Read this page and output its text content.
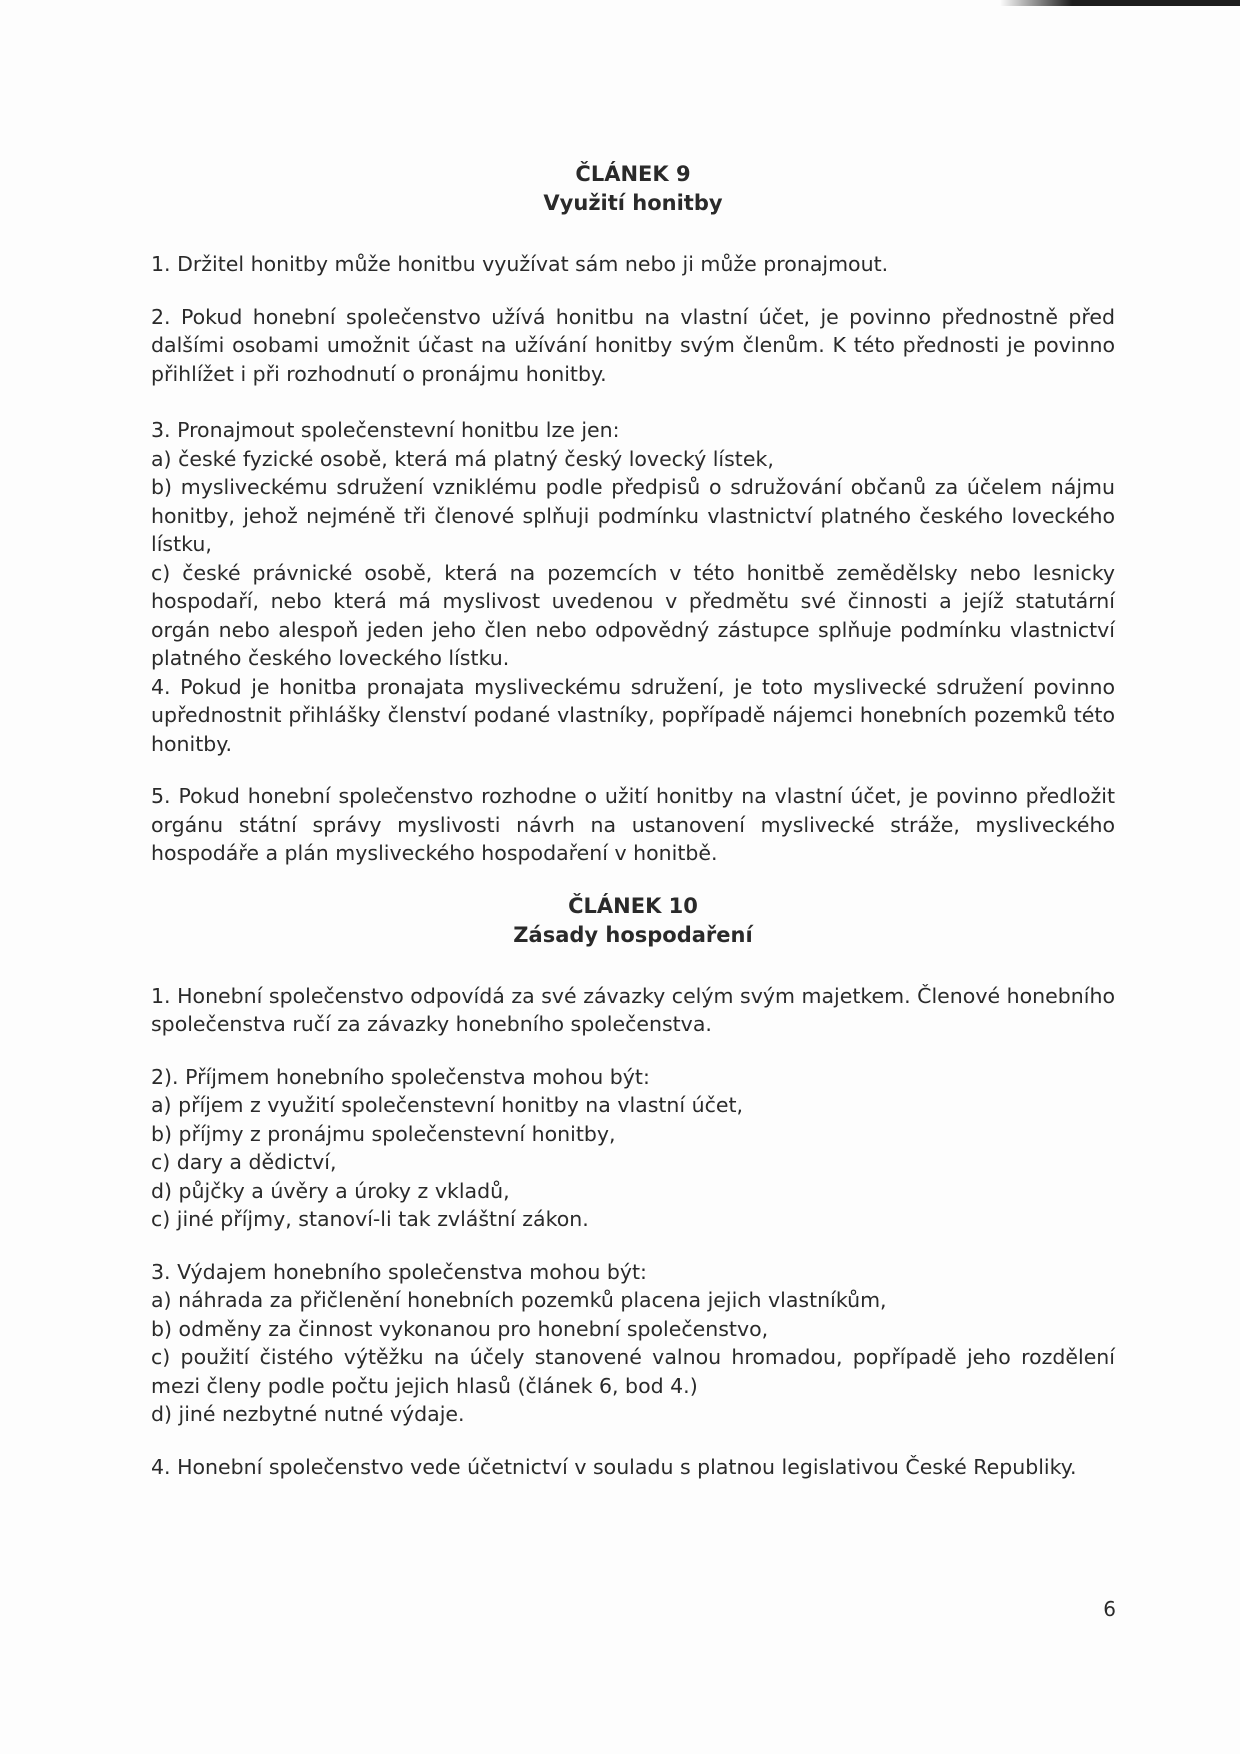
ČLÁNEK 9
Využití honitby

1. Držitel honitby může honitbu využívat sám nebo ji může pronajmout.

2. Pokud honební společenstvo užívá honitbu na vlastní účet, je povinno přednostně před dalšími osobami umožnit účast na užívání honitby svým členům. K této přednosti je povinno přihlížet i při rozhodnutí o pronájmu honitby.

3. Pronajmout společenstevní honitbu lze jen:

a) české fyzické osobě, která má platný český lovecký lístek,

b) mysliveckému sdružení vzniklému podle předpisů o sdružování občanů za účelem nájmu honitby, jehož nejméně tři členové splňuji podmínku vlastnictví platného českého loveckého lístku,

c) české právnické osobě, která na pozemcích v této honitbě zemědělsky nebo lesnicky hospodaří, nebo která má myslivost uvedenou v předmětu své činnosti a jejíž statutární orgán nebo alespoň jeden jeho člen nebo odpovědný zástupce splňuje podmínku vlastnictví platného českého loveckého lístku.

4. Pokud je honitba pronajata mysliveckému sdružení, je toto myslivecké sdružení povinno upřednostnit přihlášky členství podané vlastníky, popřípadě nájemci honebních pozemků této honitby.

5. Pokud honební společenstvo rozhodne o užití honitby na vlastní účet, je povinno předložit orgánu státní správy myslivosti návrh na ustanovení myslivecké stráže, mysliveckého hospodáře a plán mysliveckého hospodaření v honitbě.

ČLÁNEK 10
Zásady hospodaření

1. Honební společenstvo odpovídá za své závazky celým svým majetkem. Členové honebního společenstva ručí za závazky honebního společenstva.

2). Příjmem honebního společenstva mohou být:

a) příjem z využití společenstevní honitby na vlastní účet,

b) příjmy z pronájmu společenstevní honitby,

c) dary a dědictví,

d) půjčky a úvěry a úroky z vkladů,

c) jiné příjmy, stanoví-li tak zvláštní zákon.

3. Výdajem honebního společenstva mohou být:

a) náhrada za přičlenění honebních pozemků placena jejich vlastníkům,

b) odměny za činnost vykonanou pro honební společenstvo,

c) použití čistého výtěžku na účely stanovené valnou hromadou, popřípadě jeho rozdělení mezi členy podle počtu jejich hlasů (článek 6, bod 4.)

d) jiné nezbytné nutné výdaje.

4. Honební společenstvo vede účetnictví v souladu s platnou legislativou České Republiky.

6
